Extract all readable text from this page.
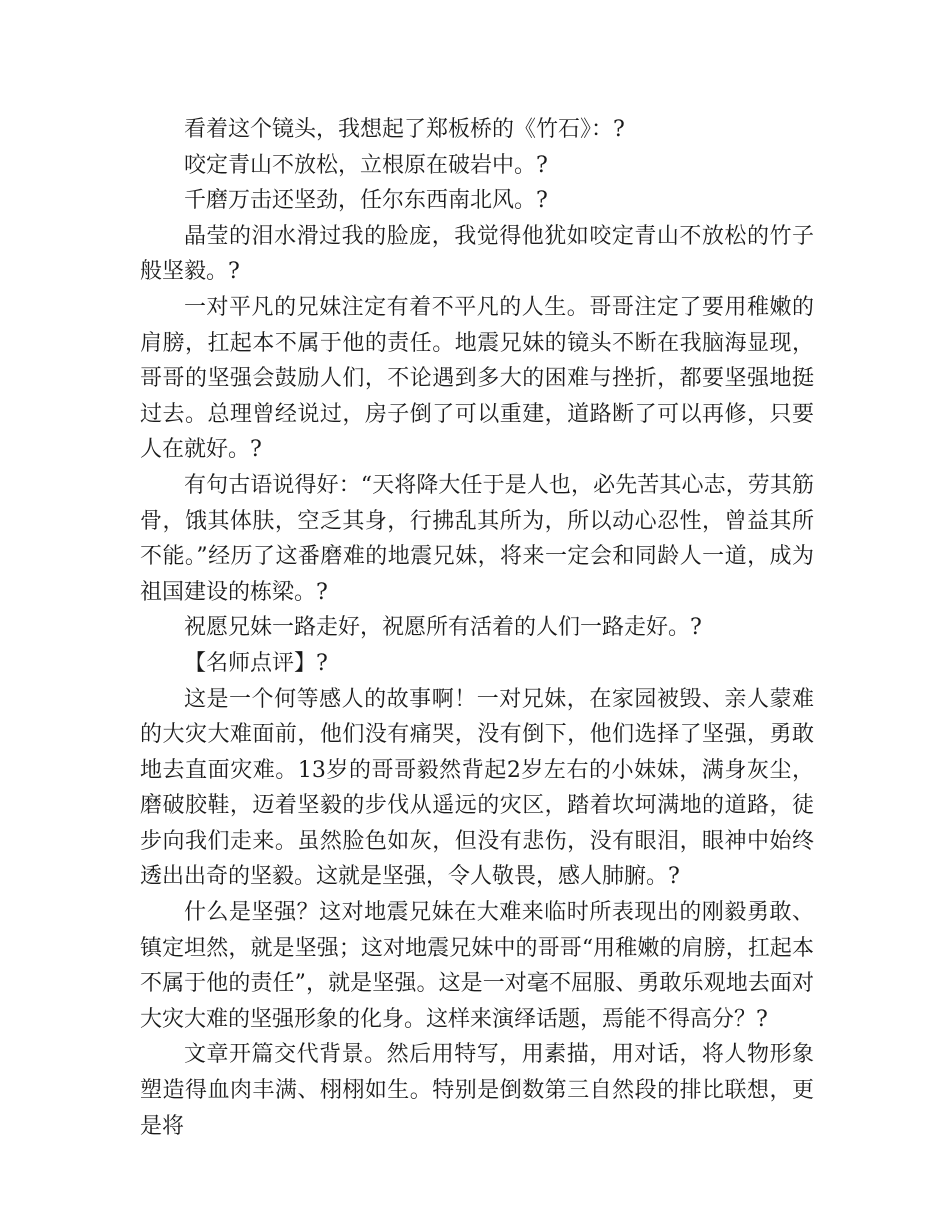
看着这个镜头，我想起了郑板桥的《竹石》：?

咬定青山不放松，立根原在破岩中。?

千磨万击还坚劲，任尔东西南北风。?

晶莹的泪水滑过我的脸庞，我觉得他犹如咬定青山不放松的竹子般坚毅。?

一对平凡的兄妹注定有着不平凡的人生。哥哥注定了要用稚嫩的肩膀，扛起本不属于他的责任。地震兄妹的镜头不断在我脑海显现，哥哥的坚强会鼓励人们，不论遇到多大的困难与挫折，都要坚强地挺过去。总理曾经说过，房子倒了可以重建，道路断了可以再修，只要人在就好。?

有句古语说得好：“天将降大任于是人也，必先苦其心志，劳其筋骨，饿其体肤，空乏其身，行拂乱其所为，所以动心忍性，曾益其所不能。”经历了这番磨难的地震兄妹，将来一定会和同龄人一道，成为祖国建设的栋梁。?

祝愿兄妹一路走好，祝愿所有活着的人们一路走好。?

【名师点评】?

这是一个何等感人的故事啊！一对兄妹，在家园被毁、亲人蒙难的大灾大难面前，他们没有痛哭，没有倒下，他们选择了坚强，勇敢地去直面灾难。13岁的哥哥毅然背起2岁左右的小妹妹，满身灰尘，磨破胶鞋，迈着坚毅的步伐从遥远的灾区，踏着坎坷满地的道路，徒步向我们走来。虽然脸色如灰，但没有悲伤，没有眼泪，眼神中始终透出出奇的坚毅。这就是坚强，令人敬畏，感人肺腑。?

什么是坚强？这对地震兄妹在大难来临时所表现出的刚毅勇敢、镇定坦然，就是坚强；这对地震兄妹中的哥哥“用稚嫩的肩膀，扛起本不属于他的责任”，就是坚强。这是一对毫不屈服、勇敢乐观地去面对大灾大难的坚强形象的化身。这样来演绎话题，焉能不得高分？?

文章开篇交代背景。然后用特写，用素描，用对话，将人物形象塑造得血肉丰满、栩栩如生。特别是倒数第三自然段的排比联想，更是将
